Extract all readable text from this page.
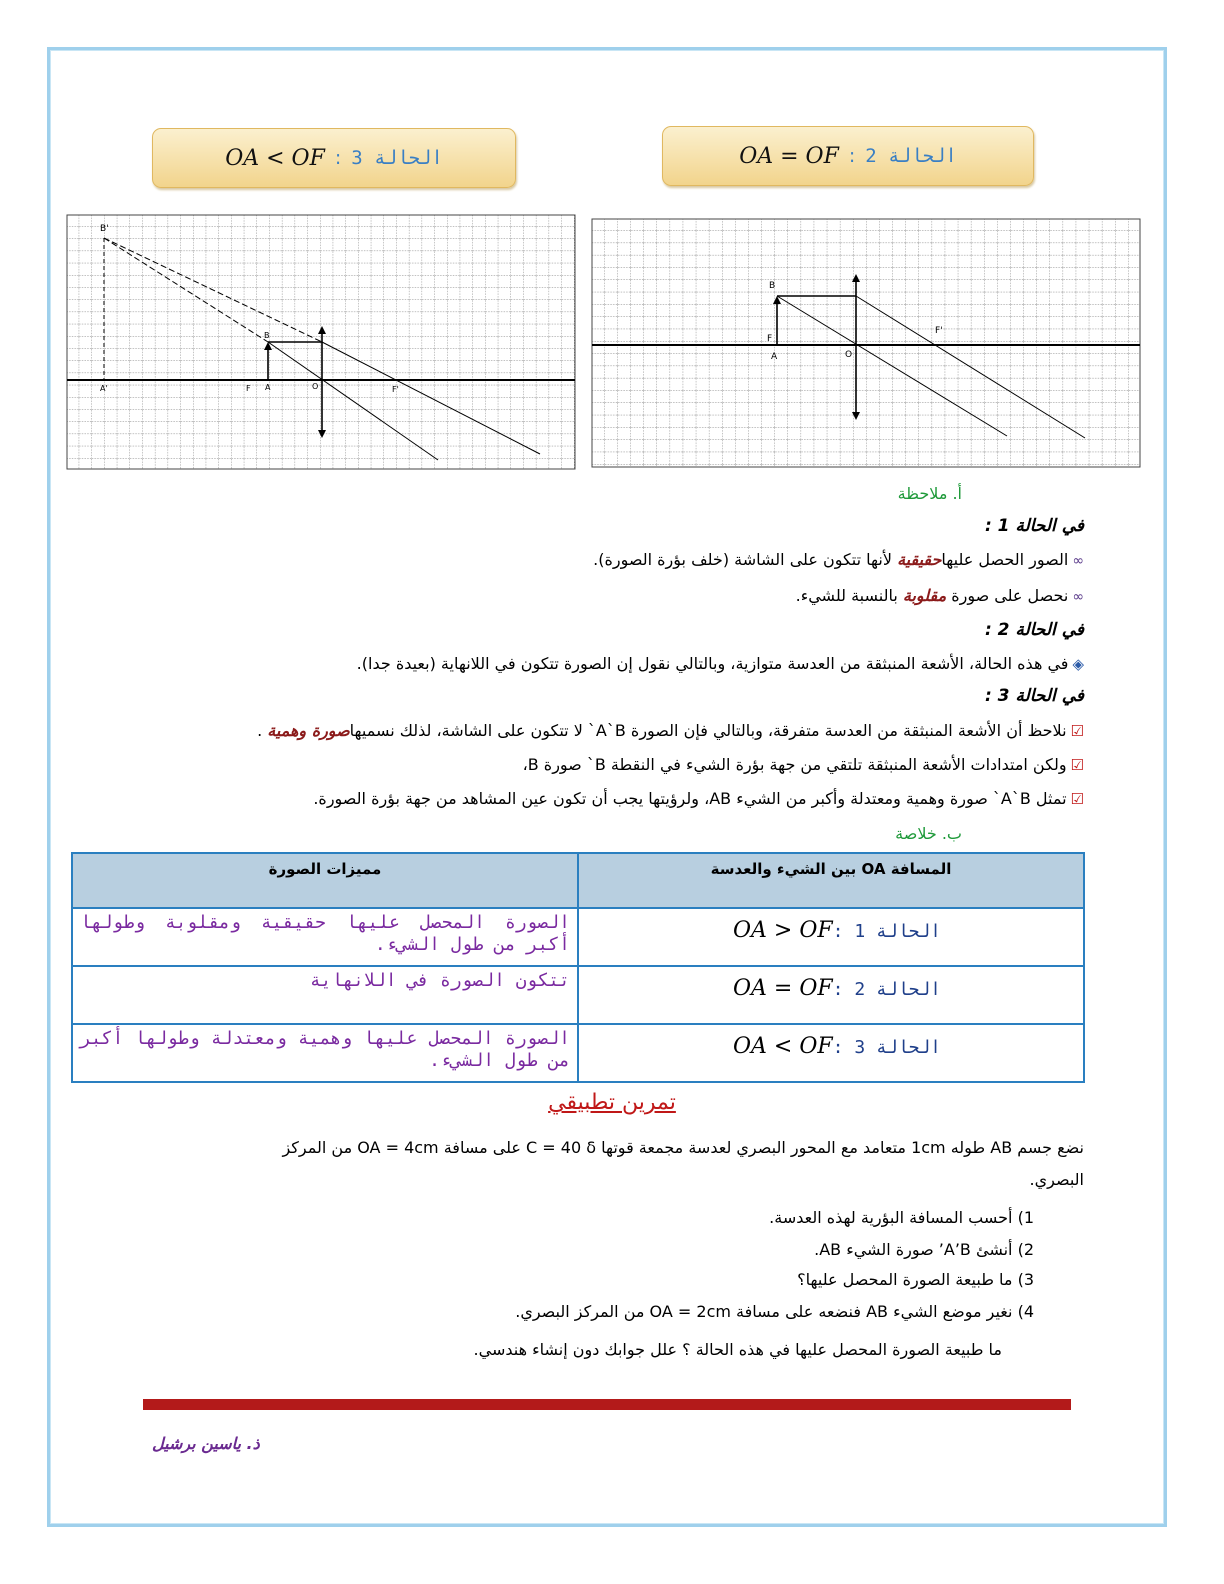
الحالة 2
:
OA = OF
الحالة 3
:
OA < OF
B'
A'	F A	O	F'
B
B
F
A	O
F'
أ. ملاحظة
في الحالة 1 :
∞الصور الحصل عليهاحقيقية لأنها تتكون على الشاشة (خلف بؤرة الصورة).
∞نحصل على صورة مقلوبة بالنسبة للشيء.
في الحالة 2 :
◈في هذه الحالة، الأشعة المنبثقة من العدسة متوازية، وبالتالي نقول إن الصورة تتكون في اللانهاية (بعيدة جدا).
في الحالة 3 :
☑نلاحظ أن الأشعة المنبثقة من العدسة متفرقة، وبالتالي فإن الصورة A`B` لا تتكون على الشاشة، لذلك نسميهاصورة وهمية .
☑ولكن امتدادات الأشعة المنبثقة تلتقي من جهة بؤرة الشيء في النقطة B` صورة B،
☑تمثل A`B` صورة وهمية ومعتدلة وأكبر من الشيء AB، ولرؤيتها يجب أن تكون عين المشاهد من جهة بؤرة الصورة.
ب. خلاصة
المسافة OA بين الشيء والعدسة	مميزات الصورة

الحالة 1 :OA > OF	الصورة المحصل عليها حقيقية ومقلوبة وطولها أكبر من طول الشيء.

الحالة 2 :OA = OF	تتكون الصورة في اللانهاية

الحالة 3 :OA < OF	الصورة المحصل عليها وهمية ومعتدلة وطولها أكبر من طول الشيء.
تمرين تطبيقي
نضع جسم AB طوله 1cm متعامد مع المحور البصري لعدسة مجمعة قوتها C = 40 δ على مسافة OA = 4cm من المركز
البصري.
1) أحسب المسافة البؤرية لهذه العدسة.
2) أنشئ A’B’ صورة الشيء AB.
3) ما طبيعة الصورة المحصل عليها؟
4) نغير موضع الشيء AB فنضعه على مسافة OA = 2cm من المركز البصري.
ما طبيعة الصورة المحصل عليها في هذه الحالة ؟ علل جوابك دون إنشاء هندسي.
ذ. ياسين برشيل
